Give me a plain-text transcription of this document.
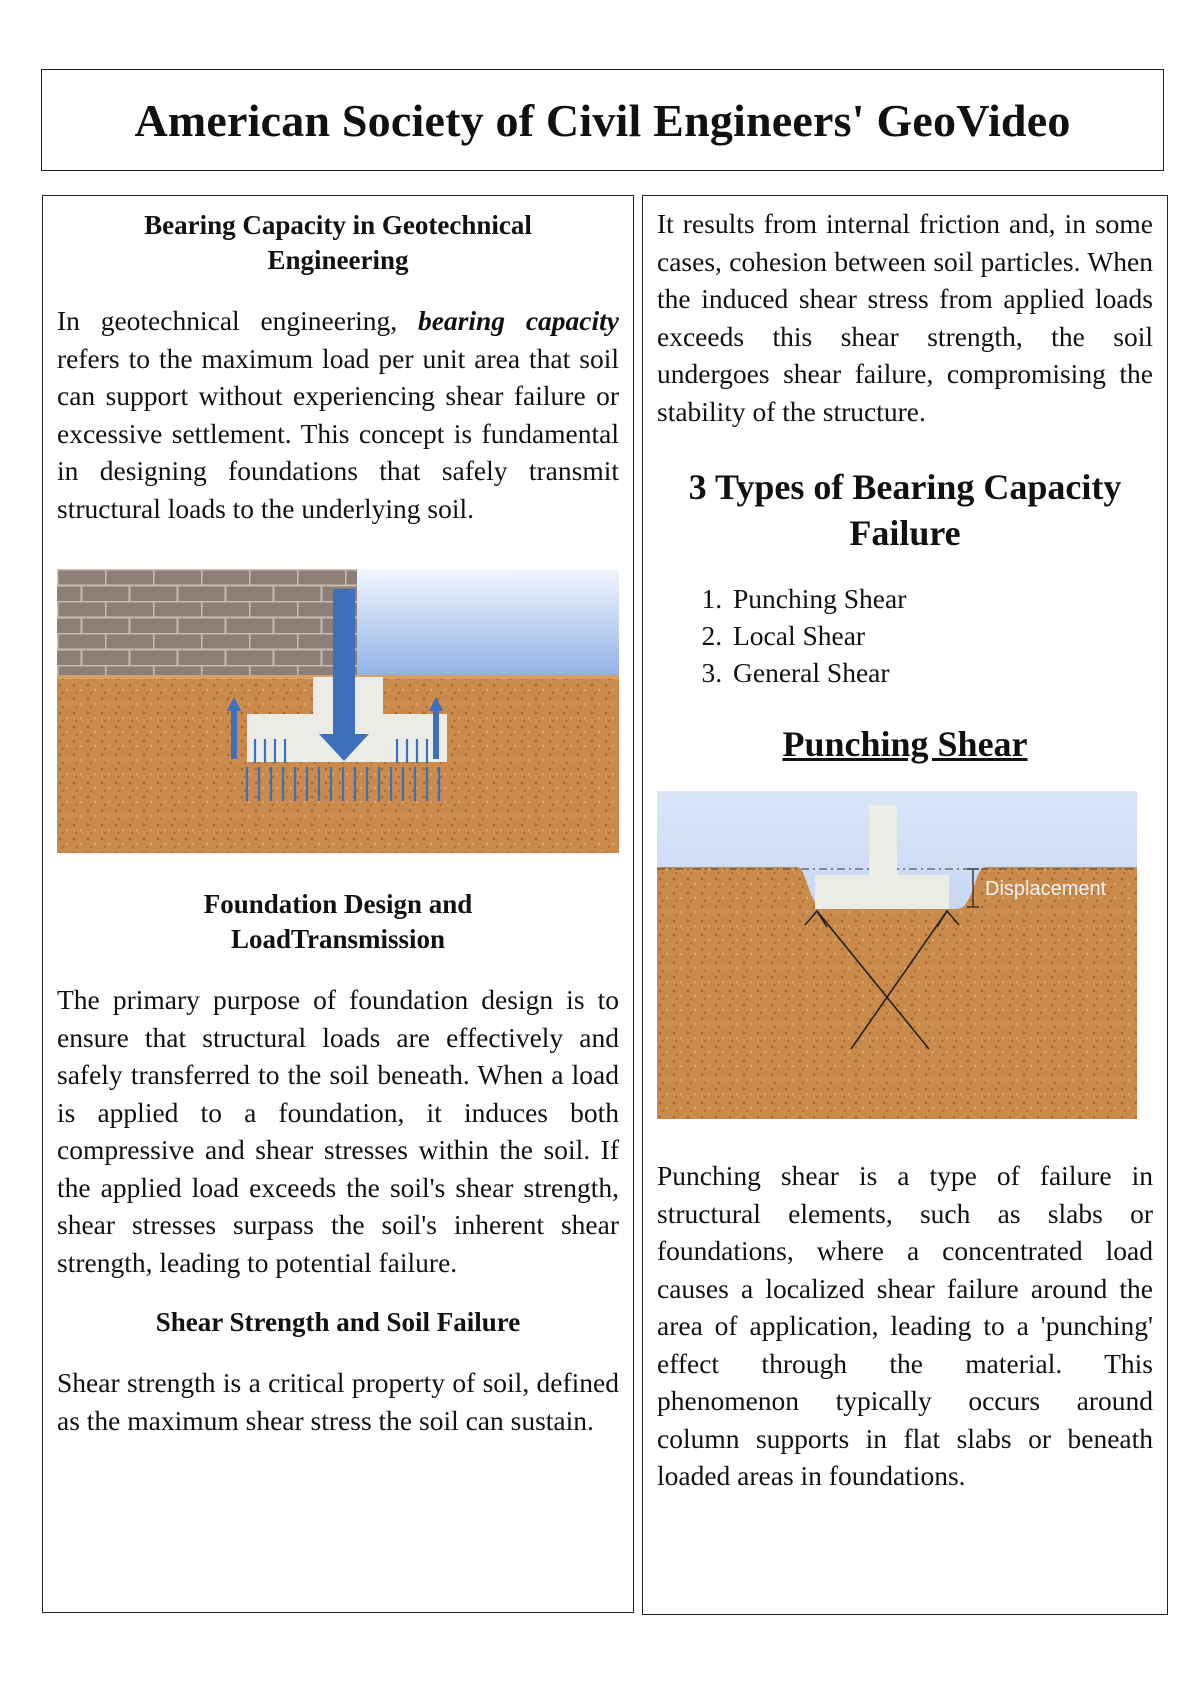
American Society of Civil Engineers' GeoVideo
Bearing Capacity in Geotechnical Engineering

In geotechnical engineering, bearing capacity refers to the maximum load per unit area that soil can support without experiencing shear failure or excessive settlement. This concept is fundamental in designing foundations that safely transmit structural loads to the underlying soil.

Foundation Design and LoadTransmission

The primary purpose of foundation design is to ensure that structural loads are effectively and safely transferred to the soil beneath. When a load is applied to a foundation, it induces both compressive and shear stresses within the soil. If the applied load exceeds the soil's shear strength, shear stresses surpass the soil's inherent shear strength, leading to potential failure.

Shear Strength and Soil Failure

Shear strength is a critical property of soil, defined as the maximum shear stress the soil can sustain.

It results from internal friction and, in some cases, cohesion between soil particles. When the induced shear stress from applied loads exceeds this shear strength, the soil undergoes shear failure, compromising the stability of the structure.

3 Types of Bearing Capacity Failure
1. Punching Shear
2. Local Shear
3. General Shear
Punching Shear
Displacement

Punching shear is a type of failure in structural elements, such as slabs or foundations, where a concentrated load causes a localized shear failure around the area of application, leading to a 'punching' effect through the material. This phenomenon typically occurs around column supports in flat slabs or beneath loaded areas in foundations.
